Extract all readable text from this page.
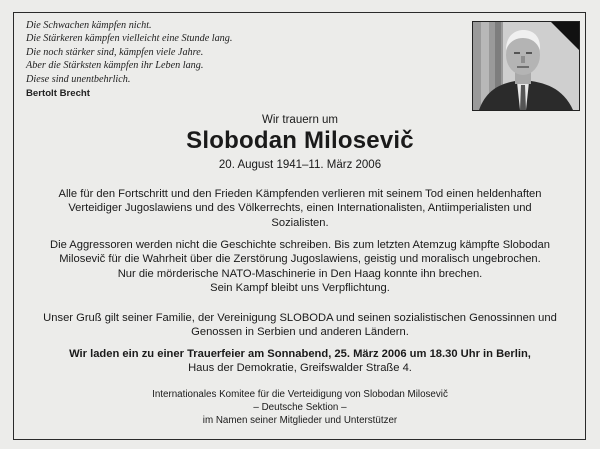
Die Schwachen kämpfen nicht.
Die Stärkeren kämpfen vielleicht eine Stunde lang.
Die noch stärker sind, kämpfen viele Jahre.
Aber die Stärksten kämpfen ihr Leben lang.
Diese sind unentbehrlich.
Bertolt Brecht
Wir trauern um
Slobodan Milosevič
20. August 1941–11. März 2006
Alle für den Fortschritt und den Frieden Kämpfenden verlieren mit seinem Tod einen heldenhaften
Verteidiger Jugoslawiens und des Völkerrechts, einen Internationalisten, Antiimperialisten und
Sozialisten.
Die Aggressoren werden nicht die Geschichte schreiben. Bis zum letzten Atemzug kämpfte Slobodan
Milosevič für die Wahrheit über die Zerstörung Jugoslawiens, geistig und moralisch ungebrochen.
Nur die mörderische NATO-Maschinerie in Den Haag konnte ihn brechen.
Sein Kampf bleibt uns Verpflichtung.
Unser Gruß gilt seiner Familie, der Vereinigung SLOBODA und seinen sozialistischen Genossinnen und
Genossen in Serbien und anderen Ländern.
Wir laden ein zu einer Trauerfeier am Sonnabend, 25. März 2006 um 18.30 Uhr in Berlin,
Haus der Demokratie, Greifswalder Straße 4.
Internationales Komitee für die Verteidigung von Slobodan Milosevič
– Deutsche Sektion –
im Namen seiner Mitglieder und Unterstützer
